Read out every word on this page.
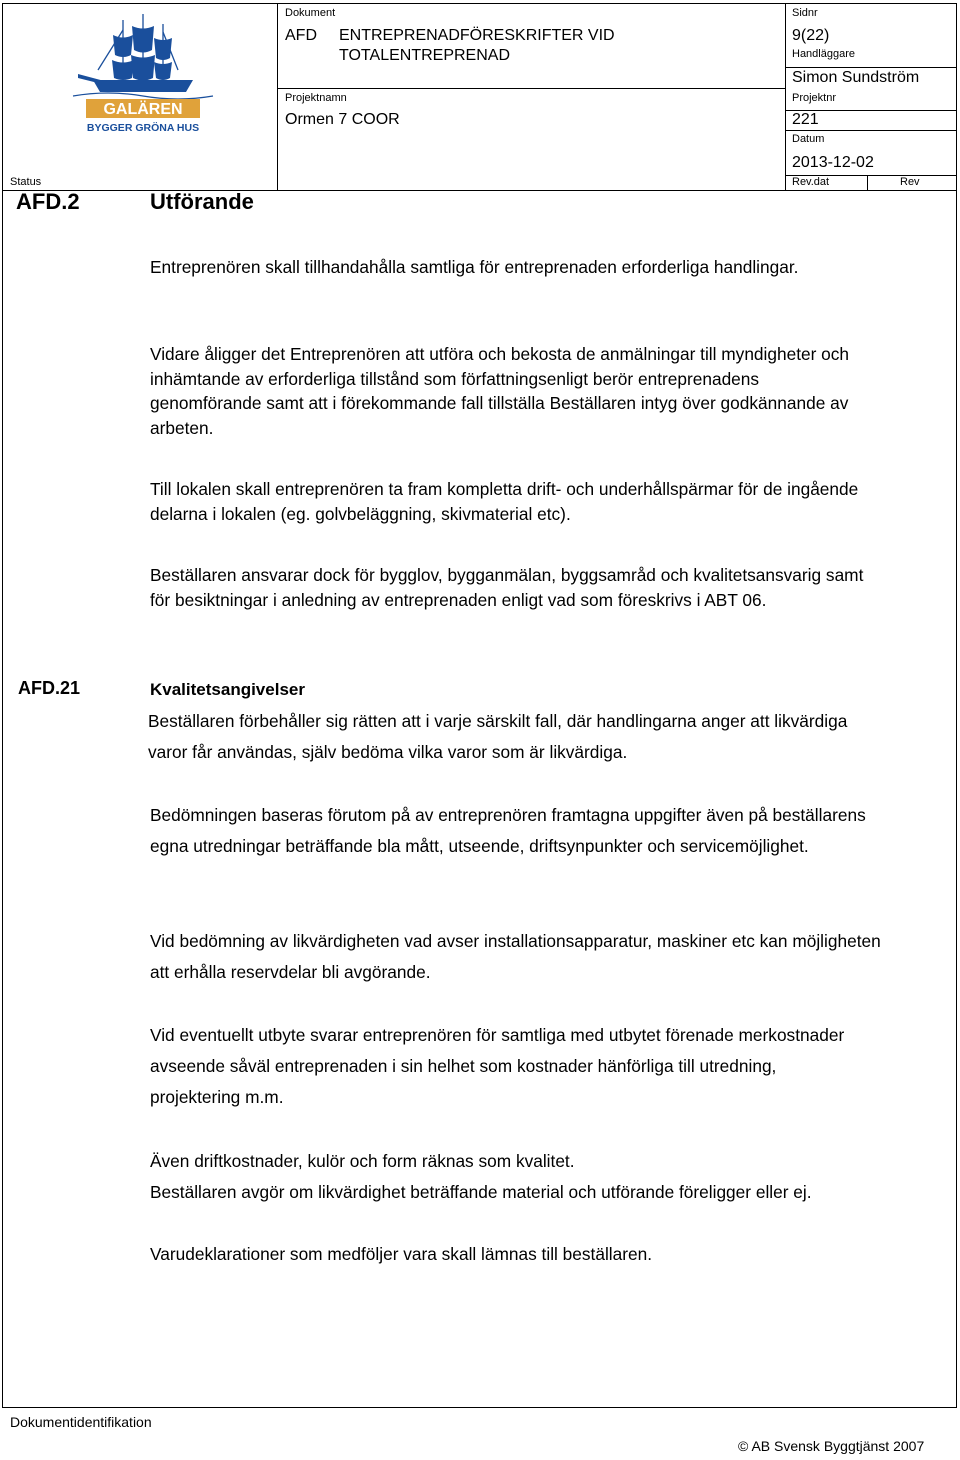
GALÄREN
BYGGER GRÖNA HUS
Dokument
AFD ENTREPRENADFÖRESKRIFTER VID
TOTALENTREPRENAD
Projektnamn
Ormen 7 COOR
Sidnr
9(22)
Handläggare
Simon Sundström
Projektnr
221
Datum
2013-12-02
Status	Rev.dat	Rev
AFD.2	Utförande

Entreprenören skall tillhandahålla samtliga för entreprenaden erforderliga handlingar.

Vidare åligger det Entreprenören att utföra och bekosta de anmälningar till myndigheter och inhämtande av erforderliga tillstånd som författningsenligt berör entreprenadens genomförande samt att i förekommande fall tillställa Beställaren intyg över godkännande av arbeten.

Till lokalen skall entreprenören ta fram kompletta drift- och underhållspärmar för de ingående delarna i lokalen (eg. golvbeläggning, skivmaterial etc).

Beställaren ansvarar dock för bygglov, bygganmälan, byggsamråd och kvalitetsansvarig samt för besiktningar i anledning av entreprenaden enligt vad som föreskrivs i ABT 06.

AFD.21	Kvalitetsangivelser

Beställaren förbehåller sig rätten att i varje särskilt fall, där handlingarna anger att likvärdiga varor får användas, själv bedöma vilka varor som är likvärdiga.

Bedömningen baseras förutom på av entreprenören framtagna uppgifter även på beställarens egna utredningar beträffande bla mått, utseende, driftsynpunkter och servicemöjlighet.

Vid bedömning av likvärdigheten vad avser installationsapparatur, maskiner etc kan möjligheten att erhålla reservdelar bli avgörande.

Vid eventuellt utbyte svarar entreprenören för samtliga med utbytet förenade merkostnader avseende såväl entreprenaden i sin helhet som kostnader hänförliga till utredning, projektering m.m.

Även driftkostnader, kulör och form räknas som kvalitet.

Beställaren avgör om likvärdighet beträffande material och utförande föreligger eller ej.

Varudeklarationer som medföljer vara skall lämnas till beställaren.
Dokumentidentifikation
© AB Svensk Byggtjänst 2007
